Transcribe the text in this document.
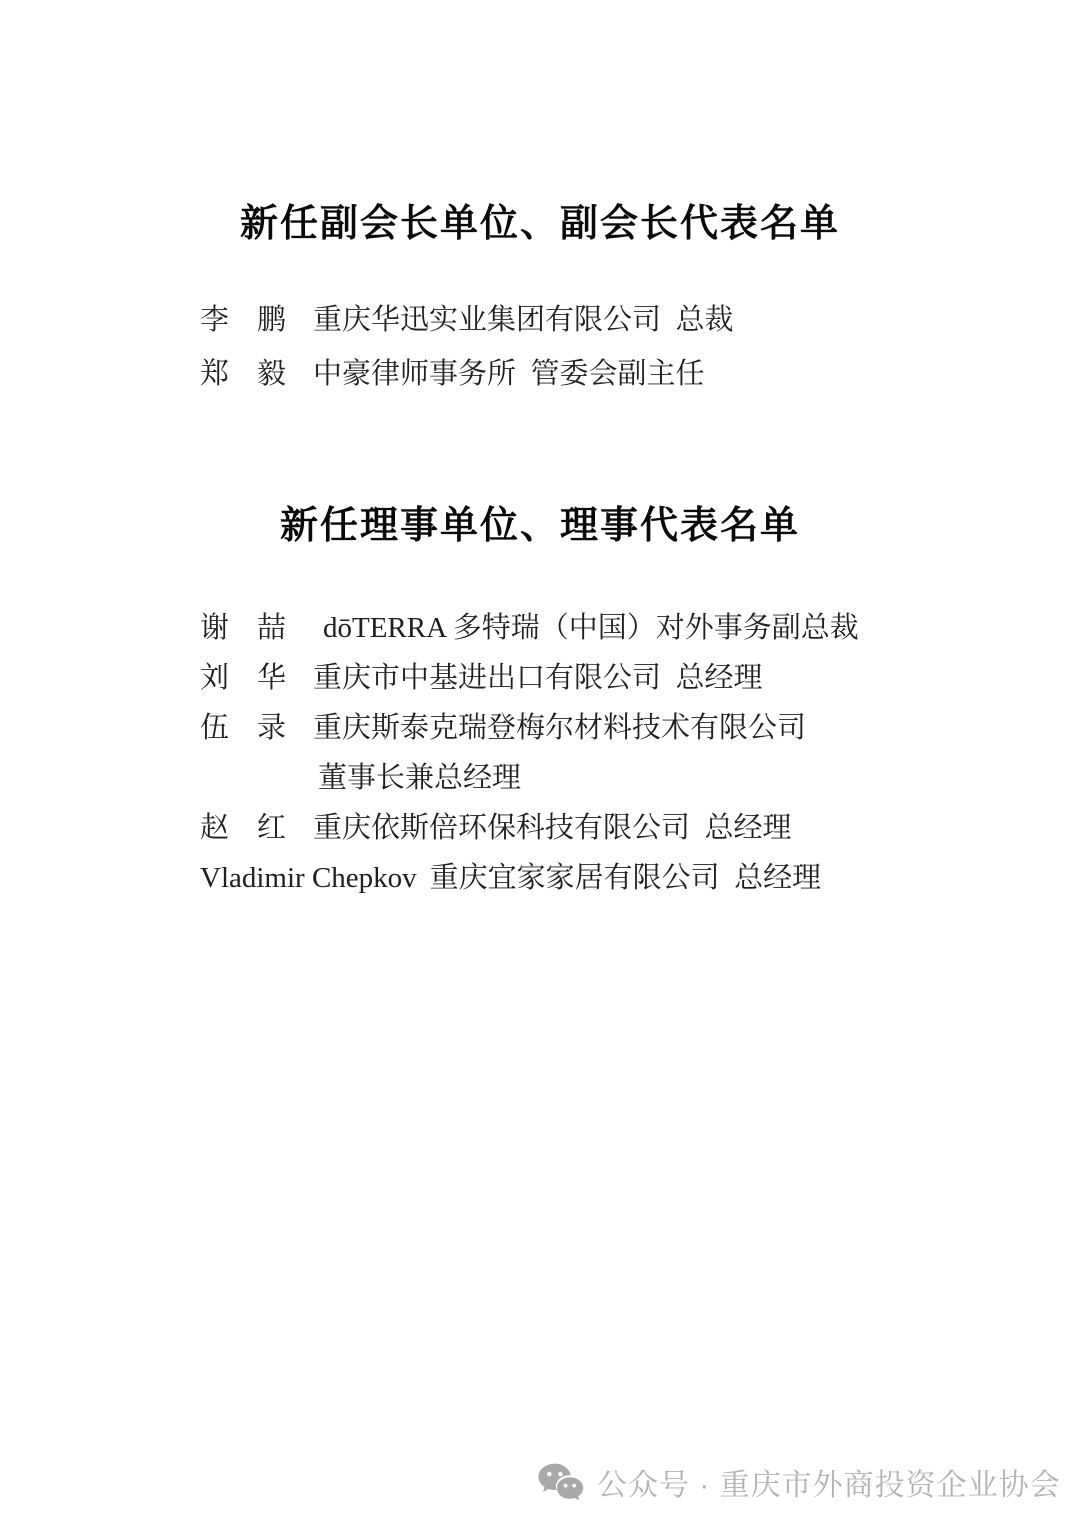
新任副会长单位、副会长代表名单
李 鹏 重庆华迅实业集团有限公司  总裁
郑 毅 中豪律师事务所  管委会副主任
新任理事单位、理事代表名单
谢 喆 dōTERRA 多特瑞（中国）对外事务副总裁
刘 华 重庆市中基进出口有限公司  总经理
伍 录 重庆斯泰克瑞登梅尔材料技术有限公司
董事长兼总经理
赵 红 重庆依斯倍环保科技有限公司  总经理
Vladimir Chepkov 重庆宜家家居有限公司  总经理
公众号 · 重庆市外商投资企业协会
